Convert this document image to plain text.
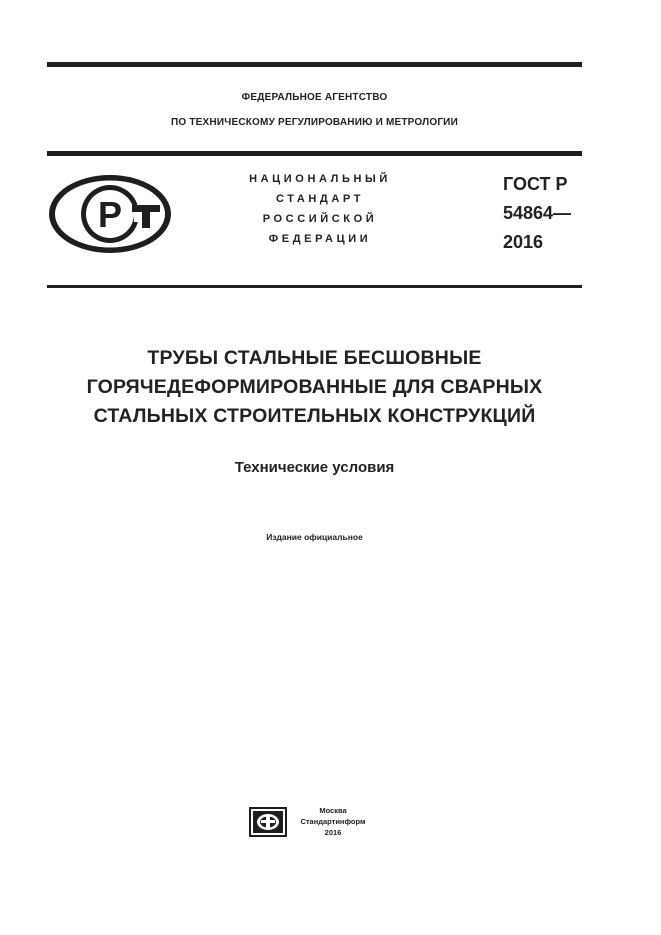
ФЕДЕРАЛЬНОЕ АГЕНТСТВО
ПО ТЕХНИЧЕСКОМУ РЕГУЛИРОВАНИЮ И МЕТРОЛОГИИ
Р
НАЦИОНАЛЬНЫЙ
СТАНДАРТ
РОССИЙСКОЙ
ФЕДЕРАЦИИ
ГОСТ Р
54864—
2016
ТРУБЫ СТАЛЬНЫЕ БЕСШОВНЫЕ
ГОРЯЧЕДЕФОРМИРОВАННЫЕ ДЛЯ СВАРНЫХ
СТАЛЬНЫХ СТРОИТЕЛЬНЫХ КОНСТРУКЦИЙ
Технические условия
Издание официальное
Москва
Стандартинформ
2016
